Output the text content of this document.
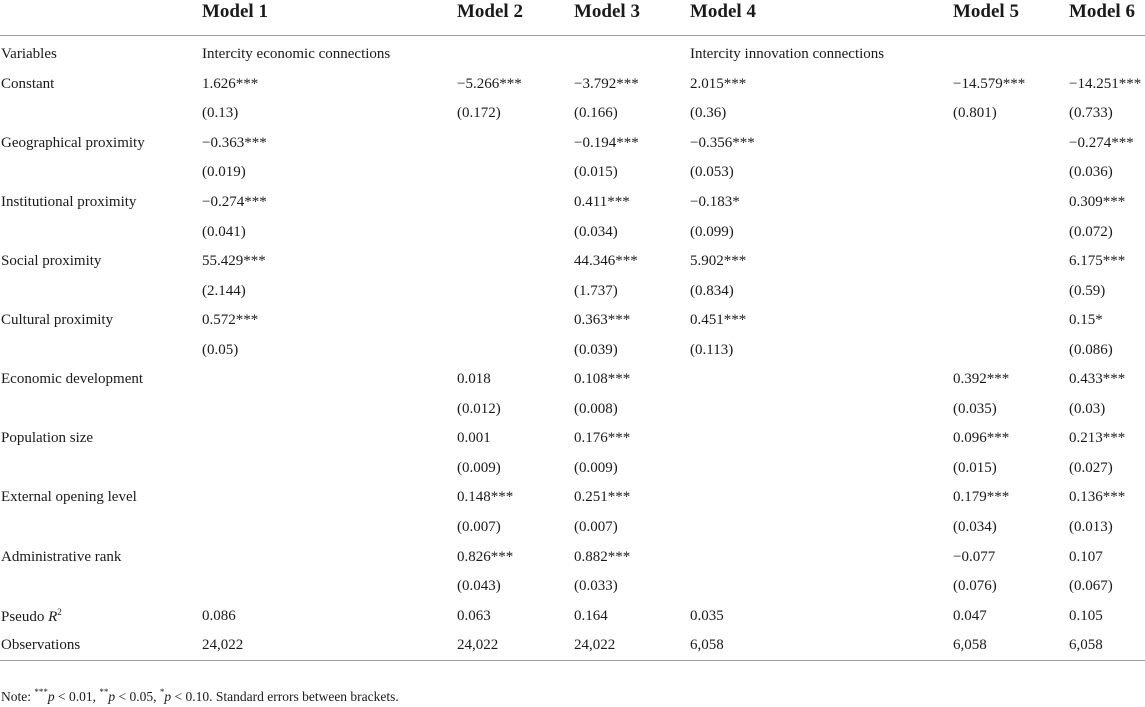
	Model 1	Model 2	Model 3	Model 4	Model 5	Model 6
Variables	Intercity economic connections			Intercity innovation connections		
Constant	1.626***	−5.266***	−3.792***	2.015***	−14.579***	−14.251***
	(0.13)	(0.172)	(0.166)	(0.36)	(0.801)	(0.733)
Geographical proximity	−0.363***		−0.194***	−0.356***		−0.274***
	(0.019)		(0.015)	(0.053)		(0.036)
Institutional proximity	−0.274***		0.411***	−0.183*		0.309***
	(0.041)		(0.034)	(0.099)		(0.072)
Social proximity	55.429***		44.346***	5.902***		6.175***
	(2.144)		(1.737)	(0.834)		(0.59)
Cultural proximity	0.572***		0.363***	0.451***		0.15*
	(0.05)		(0.039)	(0.113)		(0.086)
Economic development		0.018	0.108***		0.392***	0.433***
		(0.012)	(0.008)		(0.035)	(0.03)
Population size		0.001	0.176***		0.096***	0.213***
		(0.009)	(0.009)		(0.015)	(0.027)
External opening level		0.148***	0.251***		0.179***	0.136***
		(0.007)	(0.007)		(0.034)	(0.013)
Administrative rank		0.826***	0.882***		−0.077	0.107
		(0.043)	(0.033)		(0.076)	(0.067)
Pseudo $R^2$	0.086	0.063	0.164	0.035	0.047	0.105
Observations	24,022	24,022	24,022	6,058	6,058	6,058
Note: ***p < 0.01, **p < 0.05, *p < 0.10. Standard errors between brackets.
